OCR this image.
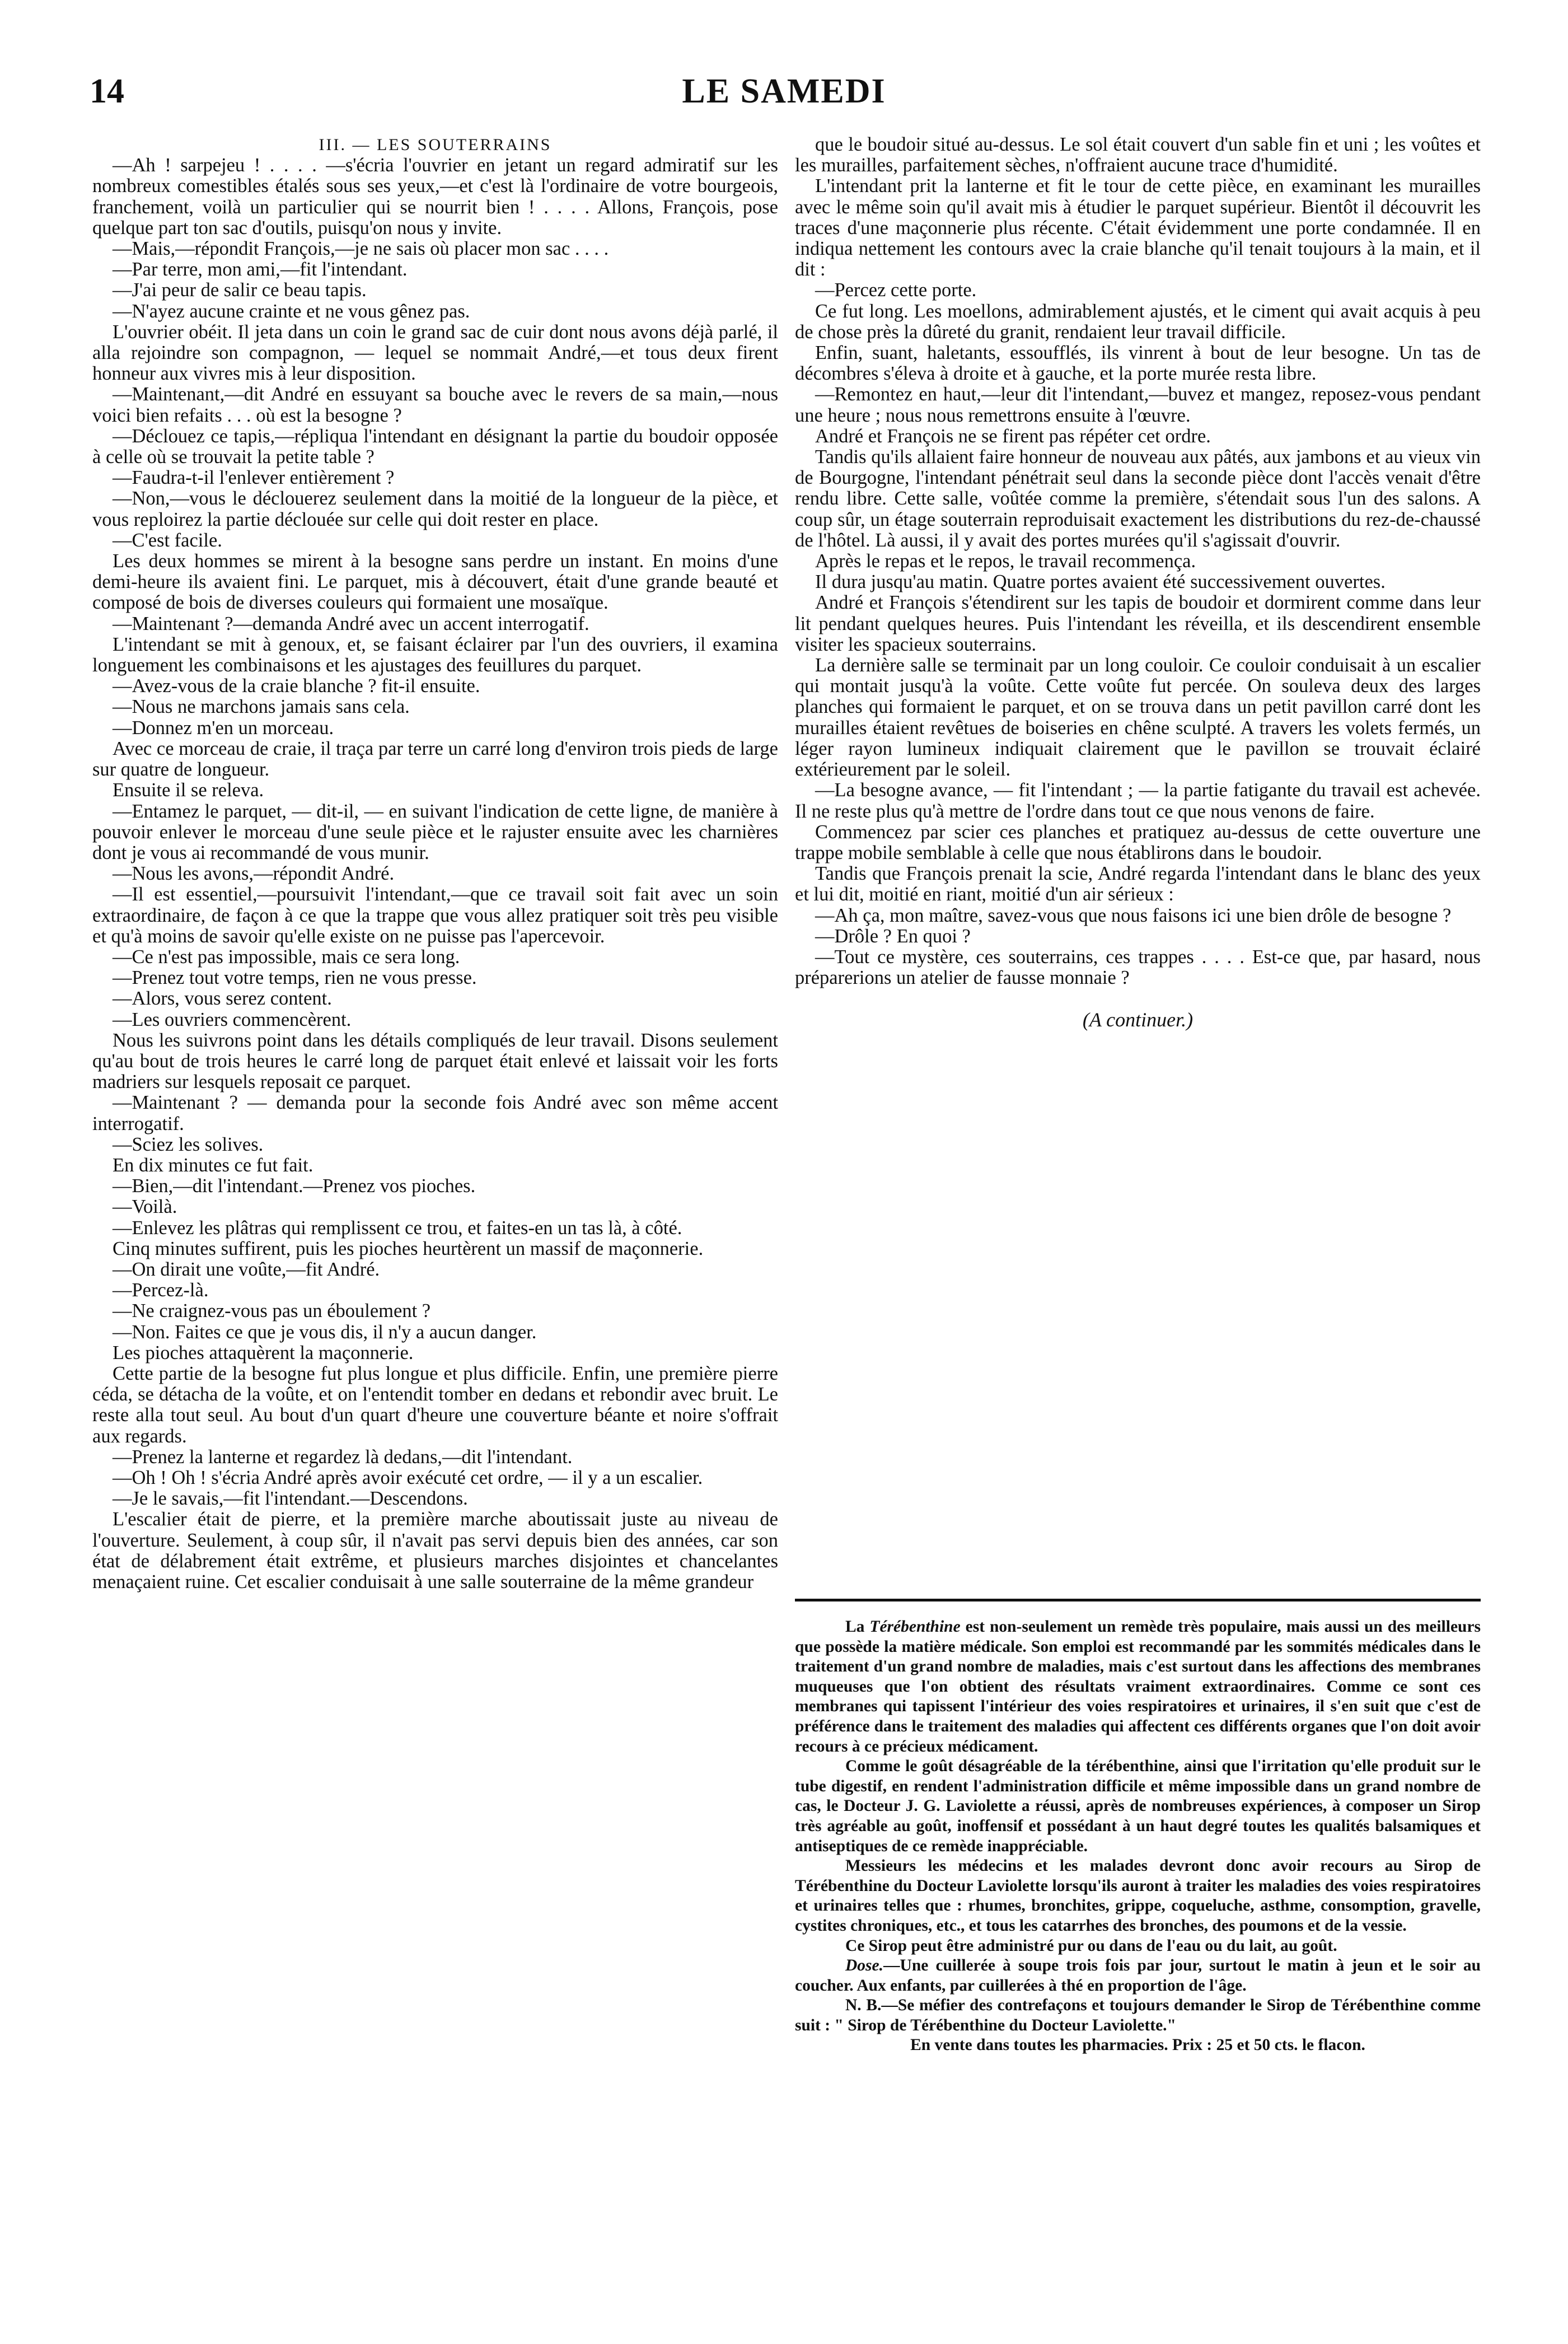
14	LE SAMEDI

III. — LES SOUTERRAINS

—Ah ! sarpejeu ! . . . . —s'écria l'ouvrier en jetant un regard admiratif sur les nombreux comestibles étalés sous ses yeux,—et c'est là l'ordinaire de votre bourgeois, franchement, voilà un particulier qui se nourrit bien ! . . . . Allons, François, pose quelque part ton sac d'outils, puisqu'on nous y invite.

—Mais,—répondit François,—je ne sais où placer mon sac . . . .

—Par terre, mon ami,—fit l'intendant.

—J'ai peur de salir ce beau tapis.

—N'ayez aucune crainte et ne vous gênez pas.

L'ouvrier obéit. Il jeta dans un coin le grand sac de cuir dont nous avons déjà parlé, il alla rejoindre son compagnon, — lequel se nommait André,—et tous deux firent honneur aux vivres mis à leur disposition.

—Maintenant,—dit André en essuyant sa bouche avec le revers de sa main,—nous voici bien refaits . . . où est la besogne ?

—Déclouez ce tapis,—répliqua l'intendant en désignant la partie du boudoir opposée à celle où se trouvait la petite table ?

—Faudra-t-il l'enlever entièrement ?

—Non,—vous le déclouerez seulement dans la moitié de la longueur de la pièce, et vous reploirez la partie déclouée sur celle qui doit rester en place.

—C'est facile.

Les deux hommes se mirent à la besogne sans perdre un instant. En moins d'une demi-heure ils avaient fini. Le parquet, mis à découvert, était d'une grande beauté et composé de bois de diverses couleurs qui formaient une mosaïque.

—Maintenant ?—demanda André avec un accent interrogatif.

L'intendant se mit à genoux, et, se faisant éclairer par l'un des ouvriers, il examina longuement les combinaisons et les ajustages des feuillures du parquet.

—Avez-vous de la craie blanche ? fit-il ensuite.

—Nous ne marchons jamais sans cela.

—Donnez m'en un morceau.

Avec ce morceau de craie, il traça par terre un carré long d'environ trois pieds de large sur quatre de longueur.

Ensuite il se releva.

—Entamez le parquet, — dit-il, — en suivant l'indication de cette ligne, de manière à pouvoir enlever le morceau d'une seule pièce et le rajuster ensuite avec les charnières dont je vous ai recommandé de vous munir.

—Nous les avons,—répondit André.

—Il est essentiel,—poursuivit l'intendant,—que ce travail soit fait avec un soin extraordinaire, de façon à ce que la trappe que vous allez pratiquer soit très peu visible et qu'à moins de savoir qu'elle existe on ne puisse pas l'apercevoir.

—Ce n'est pas impossible, mais ce sera long.

—Prenez tout votre temps, rien ne vous presse.

—Alors, vous serez content.

—Les ouvriers commencèrent.

Nous les suivrons point dans les détails compliqués de leur travail. Disons seulement qu'au bout de trois heures le carré long de parquet était enlevé et laissait voir les forts madriers sur lesquels reposait ce parquet.

—Maintenant ? — demanda pour la seconde fois André avec son même accent interrogatif.

—Sciez les solives.

En dix minutes ce fut fait.

—Bien,—dit l'intendant.—Prenez vos pioches.

—Voilà.

—Enlevez les plâtras qui remplissent ce trou, et faites-en un tas là, à côté.

Cinq minutes suffirent, puis les pioches heurtèrent un massif de maçonnerie.

—On dirait une voûte,—fit André.

—Percez-là.

—Ne craignez-vous pas un éboulement ?

—Non. Faites ce que je vous dis, il n'y a aucun danger.

Les pioches attaquèrent la maçonnerie.

Cette partie de la besogne fut plus longue et plus difficile. Enfin, une première pierre céda, se détacha de la voûte, et on l'entendit tomber en dedans et rebondir avec bruit. Le reste alla tout seul. Au bout d'un quart d'heure une couverture béante et noire s'offrait aux regards.

—Prenez la lanterne et regardez là dedans,—dit l'intendant.

—Oh ! Oh ! s'écria André après avoir exécuté cet ordre, — il y a un escalier.

—Je le savais,—fit l'intendant.—Descendons.

L'escalier était de pierre, et la première marche aboutissait juste au niveau de l'ouverture. Seulement, à coup sûr, il n'avait pas servi depuis bien des années, car son état de délabrement était extrême, et plusieurs marches disjointes et chancelantes menaçaient ruine. Cet escalier conduisait à une salle souterraine de la même grandeur

que le boudoir situé au-dessus. Le sol était couvert d'un sable fin et uni ; les voûtes et les murailles, parfaitement sèches, n'offraient aucune trace d'humidité.

L'intendant prit la lanterne et fit le tour de cette pièce, en examinant les murailles avec le même soin qu'il avait mis à étudier le parquet supérieur. Bientôt il découvrit les traces d'une maçonnerie plus récente. C'était évidemment une porte condamnée. Il en indiqua nettement les contours avec la craie blanche qu'il tenait toujours à la main, et il dit :

—Percez cette porte.

Ce fut long. Les moellons, admirablement ajustés, et le ciment qui avait acquis à peu de chose près la dûreté du granit, rendaient leur travail difficile.

Enfin, suant, haletants, essoufflés, ils vinrent à bout de leur besogne. Un tas de décombres s'éleva à droite et à gauche, et la porte murée resta libre.

—Remontez en haut,—leur dit l'intendant,—buvez et mangez, reposez-vous pendant une heure ; nous nous remettrons ensuite à l'œuvre.

André et François ne se firent pas répéter cet ordre.

Tandis qu'ils allaient faire honneur de nouveau aux pâtés, aux jambons et au vieux vin de Bourgogne, l'intendant pénétrait seul dans la seconde pièce dont l'accès venait d'être rendu libre. Cette salle, voûtée comme la première, s'étendait sous l'un des salons. A coup sûr, un étage souterrain reproduisait exactement les distributions du rez-de-chaussé de l'hôtel. Là aussi, il y avait des portes murées qu'il s'agissait d'ouvrir.

Après le repas et le repos, le travail recommença.

Il dura jusqu'au matin. Quatre portes avaient été successivement ouvertes.

André et François s'étendirent sur les tapis de boudoir et dormirent comme dans leur lit pendant quelques heures. Puis l'intendant les réveilla, et ils descendirent ensemble visiter les spacieux souterrains.

La dernière salle se terminait par un long couloir. Ce couloir conduisait à un escalier qui montait jusqu'à la voûte. Cette voûte fut percée. On souleva deux des larges planches qui formaient le parquet, et on se trouva dans un petit pavillon carré dont les murailles étaient revêtues de boiseries en chêne sculpté. A travers les volets fermés, un léger rayon lumineux indiquait clairement que le pavillon se trouvait éclairé extérieurement par le soleil.

—La besogne avance, — fit l'intendant ; — la partie fatigante du travail est achevée. Il ne reste plus qu'à mettre de l'ordre dans tout ce que nous venons de faire.

Commencez par scier ces planches et pratiquez au-dessus de cette ouverture une trappe mobile semblable à celle que nous établirons dans le boudoir.

Tandis que François prenait la scie, André regarda l'intendant dans le blanc des yeux et lui dit, moitié en riant, moitié d'un air sérieux :

—Ah ça, mon maître, savez-vous que nous faisons ici une bien drôle de besogne ?

—Drôle ? En quoi ?

—Tout ce mystère, ces souterrains, ces trappes . . . . Est-ce que, par hasard, nous préparerions un atelier de fausse monnaie ?

(A continuer.)

La Térébenthine est non-seulement un remède très populaire, mais aussi un des meilleurs que possède la matière médicale. Son emploi est recommandé par les sommités médicales dans le traitement d'un grand nombre de maladies, mais c'est surtout dans les affections des membranes muqueuses que l'on obtient des résultats vraiment extraordinaires. Comme ce sont ces membranes qui tapissent l'intérieur des voies respiratoires et urinaires, il s'en suit que c'est de préférence dans le traitement des maladies qui affectent ces différents organes que l'on doit avoir recours à ce précieux médicament.

Comme le goût désagréable de la térébenthine, ainsi que l'irritation qu'elle produit sur le tube digestif, en rendent l'administration difficile et même impossible dans un grand nombre de cas, le Docteur J. G. Laviolette a réussi, après de nombreuses expériences, à composer un Sirop très agréable au goût, inoffensif et possédant à un haut degré toutes les qualités balsamiques et antiseptiques de ce remède inappréciable.

Messieurs les médecins et les malades devront donc avoir recours au Sirop de Térébenthine du Docteur Laviolette lorsqu'ils auront à traiter les maladies des voies respiratoires et urinaires telles que : rhumes, bronchites, grippe, coqueluche, asthme, consomption, gravelle, cystites chroniques, etc., et tous les catarrhes des bronches, des poumons et de la vessie.

Ce Sirop peut être administré pur ou dans de l'eau ou du lait, au goût.

Dose.—Une cuillerée à soupe trois fois par jour, surtout le matin à jeun et le soir au coucher. Aux enfants, par cuillerées à thé en proportion de l'âge.

N. B.—Se méfier des contrefaçons et toujours demander le Sirop de Térébenthine comme suit : " Sirop de Térébenthine du Docteur Laviolette."

En vente dans toutes les pharmacies. Prix : 25 et 50 cts. le flacon.
